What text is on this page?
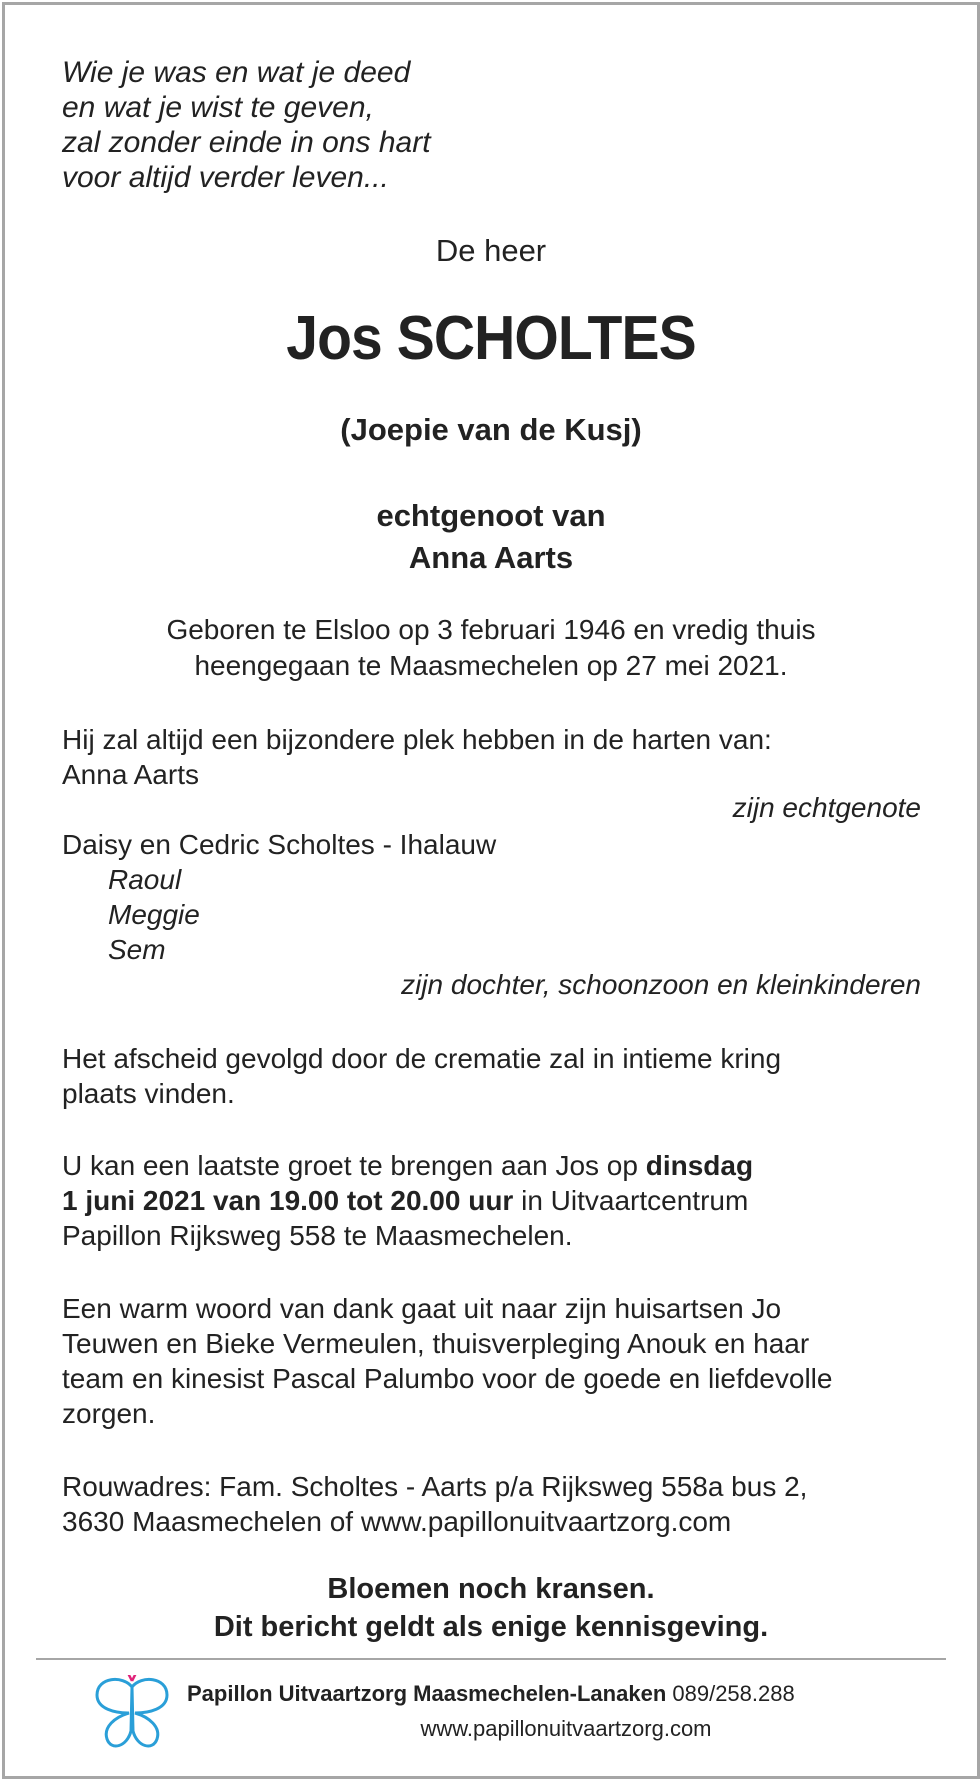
Wie je was en wat je deed
en wat je wist te geven,
zal zonder einde in ons hart
voor altijd verder leven...
De heer
Jos SCHOLTES
(Joepie van de Kusj)
echtgenoot van
Anna Aarts
Geboren te Elsloo op 3 februari 1946 en vredig thuis
heengegaan te Maasmechelen op 27 mei 2021.
Hij zal altijd een bijzondere plek hebben in de harten van:
Anna Aarts
zijn echtgenote
Daisy en Cedric Scholtes - Ihalauw
Raoul
Meggie
Sem
zijn dochter, schoonzoon en kleinkinderen
Het afscheid gevolgd door de crematie zal in intieme kring
plaats vinden.
U kan een laatste groet te brengen aan Jos op dinsdag
1 juni 2021 van 19.00 tot 20.00 uur in Uitvaartcentrum
Papillon Rijksweg 558 te Maasmechelen.
Een warm woord van dank gaat uit naar zijn huisartsen Jo
Teuwen en Bieke Vermeulen, thuisverpleging Anouk en haar
team en kinesist Pascal Palumbo voor de goede en liefdevolle
zorgen.
Rouwadres: Fam. Scholtes - Aarts p/a Rijksweg 558a bus 2,
3630 Maasmechelen of www.papillonuitvaartzorg.com
Bloemen noch kransen.
Dit bericht geldt als enige kennisgeving.
Papillon Uitvaartzorg Maasmechelen-Lanaken 089/258.288
www.papillonuitvaartzorg.com
